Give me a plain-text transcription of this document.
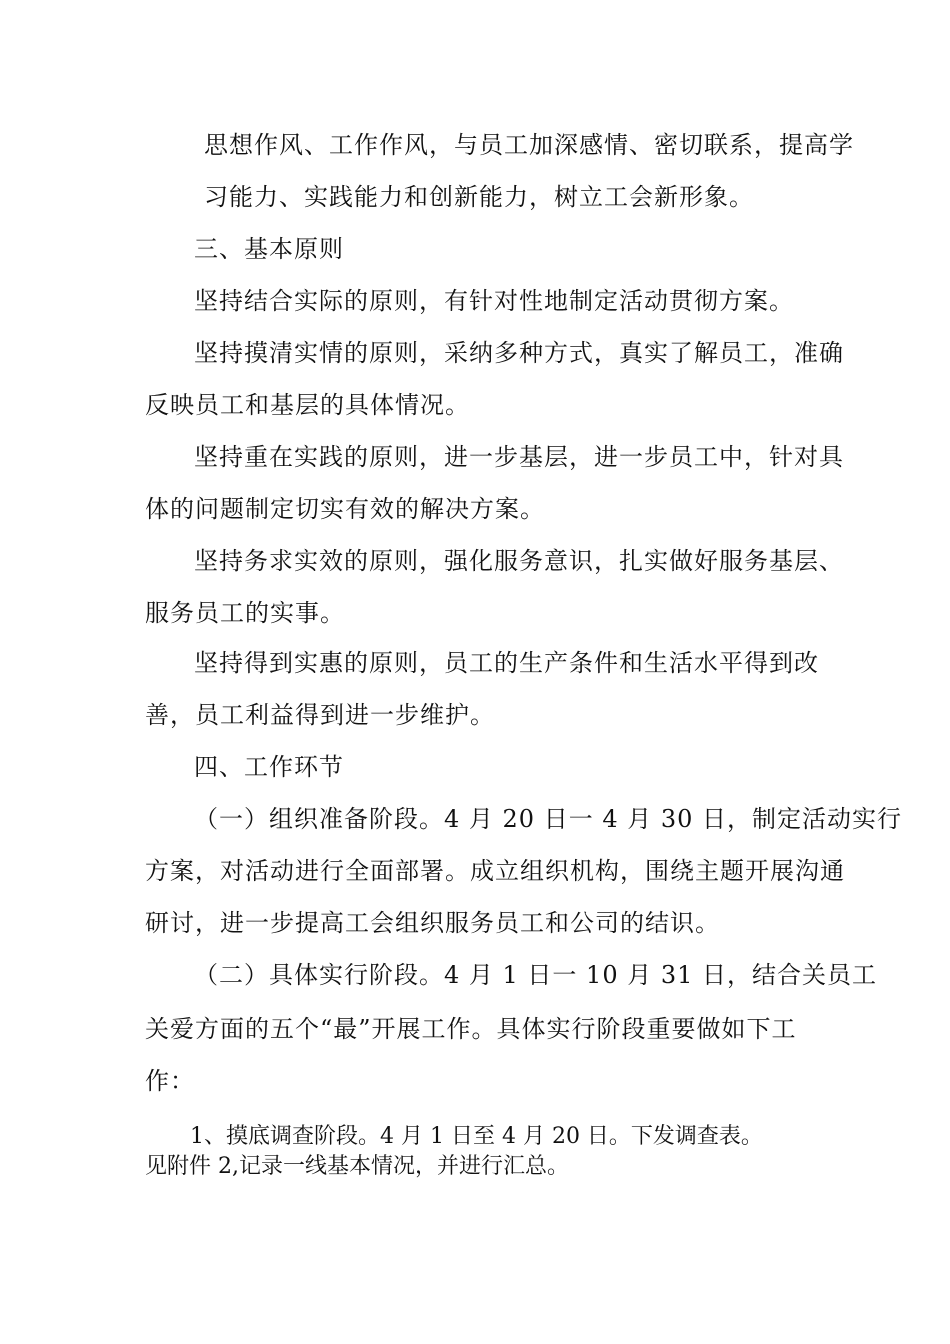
思想作风、工作作风，与员工加深感情、密切联系，提高学

习能力、实践能力和创新能力，树立工会新形象。

三、基本原则

坚持结合实际的原则，有针对性地制定活动贯彻方案。

坚持摸清实情的原则，采纳多种方式，真实了解员工，准确

反映员工和基层的具体情况。

坚持重在实践的原则，进一步基层，进一步员工中，针对具

体的问题制定切实有效的解决方案。

坚持务求实效的原则，强化服务意识，扎实做好服务基层、

服务员工的实事。

坚持得到实惠的原则，员工的生产条件和生活水平得到改

善，员工利益得到进一步维护。

四、工作环节

（一）组织准备阶段。4 月 20 日一 4 月 30 日，制定活动实行

方案，对活动进行全面部署。成立组织机构，围绕主题开展沟通

研讨，进一步提高工会组织服务员工和公司的结识。

（二）具体实行阶段。4 月 1 日一 10 月 31 日，结合关员工

关爱方面的五个“最”开展工作。具体实行阶段重要做如下工

作：

1、摸底调查阶段。4 月 1 日至 4 月 20 日。下发调查表。

见附件 2,记录一线基本情况，并进行汇总。
